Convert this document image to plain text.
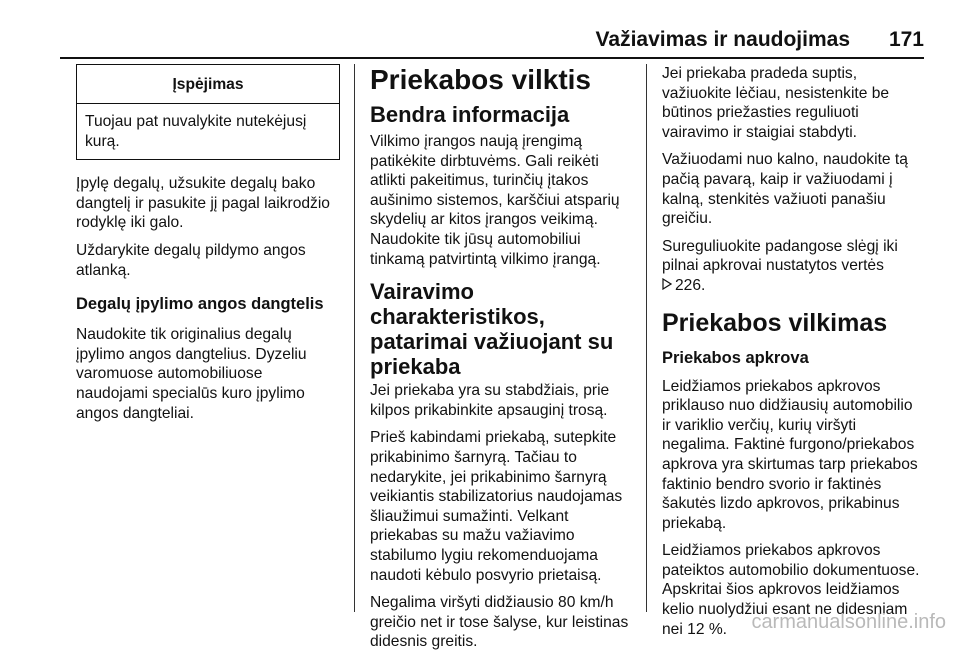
Važiavimas ir naudojimas 171
Įspėjimas
Tuojau pat nuvalykite nutekėjusį
kurą.

Įpylę degalų, užsukite degalų bako
dangtelį ir pasukite jį pagal laikrodžio
rodyklę iki galo.

Uždarykite degalų pildymo angos
atlanką.

Degalų įpylimo angos dangtelis

Naudokite tik originalius degalų
įpylimo angos dangtelius. Dyzeliu
varomuose automobiliuose
naudojami specialūs kuro įpylimo
angos dangteliai.

Priekabos vilktis
Bendra informacija

Vilkimo įrangos naują įrengimą
patikėkite dirbtuvėms. Gali reikėti
atlikti pakeitimus, turinčių įtakos
aušinimo sistemos, karščiui atsparių
skydelių ar kitos įrangos veikimą.
Naudokite tik jūsų automobiliui
tinkamą patvirtintą vilkimo įrangą.

Vairavimo charakteristikos,
patarimai važiuojant su
priekaba

Jei priekaba yra su stabdžiais, prie
kilpos prikabinkite apsauginį trosą.

Prieš kabindami priekabą, sutepkite
prikabinimo šarnyrą. Tačiau to
nedarykite, jei prikabinimo šarnyrą
veikiantis stabilizatorius naudojamas
šliaužimui sumažinti. Velkant
priekabas su mažu važiavimo
stabilumo lygiu rekomenduojama
naudoti kėbulo posvyrio prietaisą.

Negalima viršyti didžiausio 80 km/h
greičio net ir tose šalyse, kur leistinas
didesnis greitis.

Jei priekaba pradeda suptis,
važiuokite lėčiau, nesistenkite be
būtinos priežasties reguliuoti
vairavimo ir staigiai stabdyti.

Važiuodami nuo kalno, naudokite tą
pačią pavarą, kaip ir važiuodami į
kalną, stenkitės važiuoti panašiu
greičiu.

Sureguliuokite padangose slėgį iki
pilnai apkrovai nustatytos vertės
226.

Priekabos vilkimas
Priekabos apkrova

Leidžiamos priekabos apkrovos
priklauso nuo didžiausių automobilio
ir variklio verčių, kurių viršyti
negalima. Faktinė furgono/priekabos
apkrova yra skirtumas tarp priekabos
faktinio bendro svorio ir faktinės
šakutės lizdo apkrovos, prikabinus
priekabą.

Leidžiamos priekabos apkrovos
pateiktos automobilio dokumentuose.
Apskritai šios apkrovos leidžiamos
kelio nuolydžiui esant ne didesniam
nei 12 %.	carmanualsonline.info
